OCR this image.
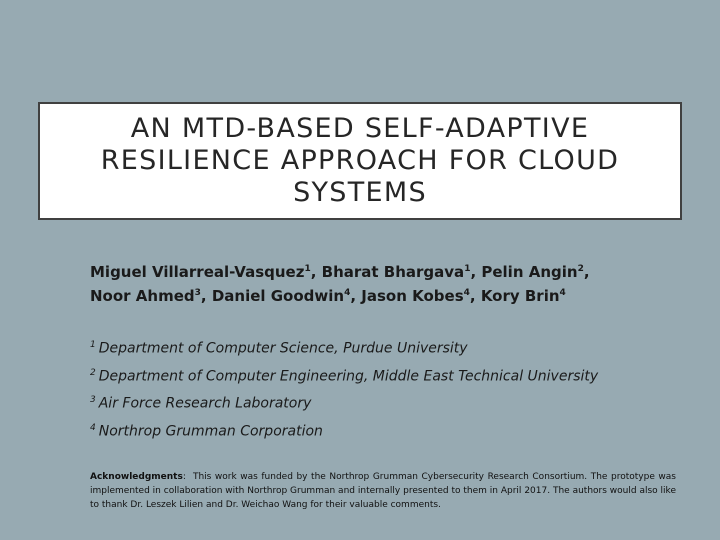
AN MTD-BASED SELF-ADAPTIVE RESILIENCE APPROACH FOR CLOUD SYSTEMS
Miguel Villarreal-Vasquez$^1$, Bharat Bhargava$^1$, Pelin Angin$^2$,
Noor Ahmed$^3$, Daniel Goodwin$^4$, Jason Kobes$^4$, Kory Brin$^4$
$^1$ Department of Computer Science, Purdue University
$^2$ Department of Computer Engineering, Middle East Technical University
$^3$ Air Force Research Laboratory
$^4$ Northrop Grumman Corporation
Acknowledgments: This work was funded by the Northrop Grumman Cybersecurity Research Consortium. The prototype was implemented in collaboration with Northrop Grumman and internally presented to them in April 2017. The authors would also like to thank Dr. Leszek Lilien and Dr. Weichao Wang for their valuable comments.
